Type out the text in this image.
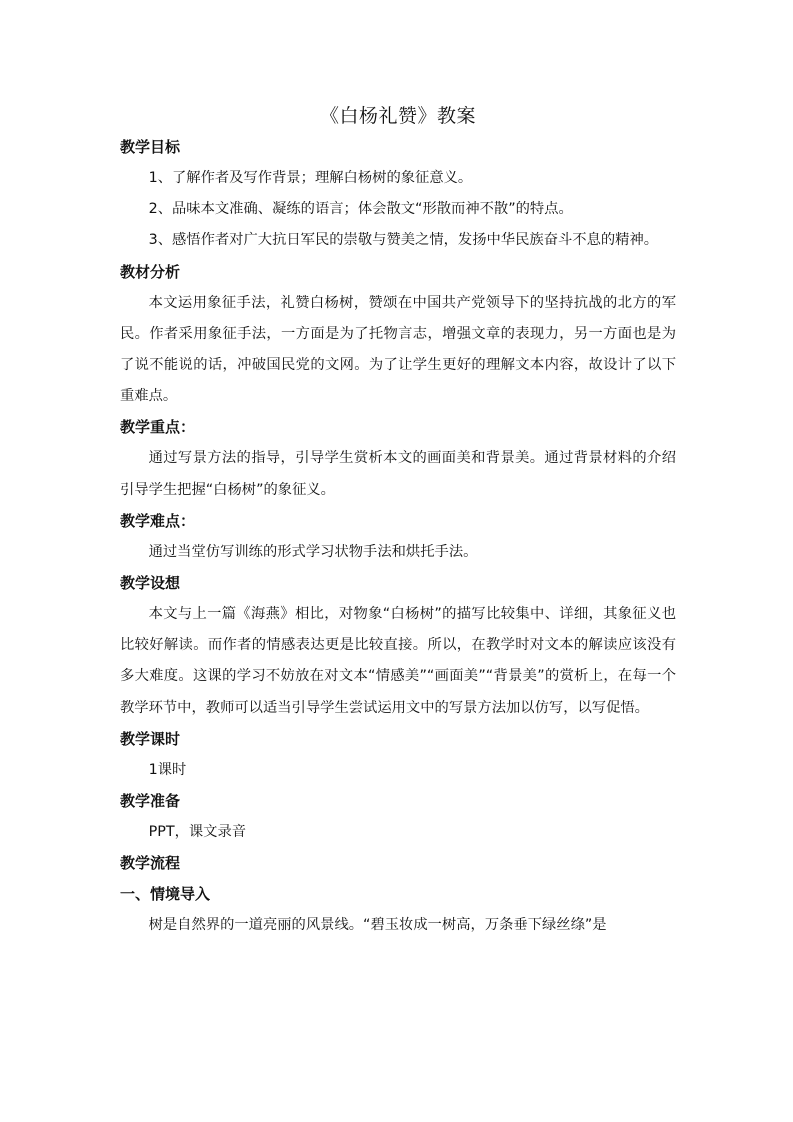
《白杨礼赞》教案
教学目标

1、了解作者及写作背景；理解白杨树的象征意义。

2、品味本文准确、凝练的语言；体会散文“形散而神不散”的特点。

3、感悟作者对广大抗日军民的崇敬与赞美之情，发扬中华民族奋斗不息的精神。

教材分析

本文运用象征手法，礼赞白杨树，赞颂在中国共产党领导下的坚持抗战的北方的军民。作者采用象征手法，一方面是为了托物言志，增强文章的表现力，另一方面也是为了说不能说的话，冲破国民党的文网。为了让学生更好的理解文本内容，故设计了以下重难点。

教学重点：

通过写景方法的指导，引导学生赏析本文的画面美和背景美。通过背景材料的介绍引导学生把握“白杨树”的象征义。

教学难点：

通过当堂仿写训练的形式学习状物手法和烘托手法。

教学设想

本文与上一篇《海燕》相比，对物象“白杨树”的描写比较集中、详细，其象征义也比较好解读。而作者的情感表达更是比较直接。所以，在教学时对文本的解读应该没有多大难度。这课的学习不妨放在对文本“情感美”“画面美”“背景美”的赏析上，在每一个教学环节中，教师可以适当引导学生尝试运用文中的写景方法加以仿写，以写促悟。

教学课时

1课时

教学准备

PPT，课文录音

教学流程
一、情境导入

树是自然界的一道亮丽的风景线。“碧玉妆成一树高，万条垂下绿丝绦”是
